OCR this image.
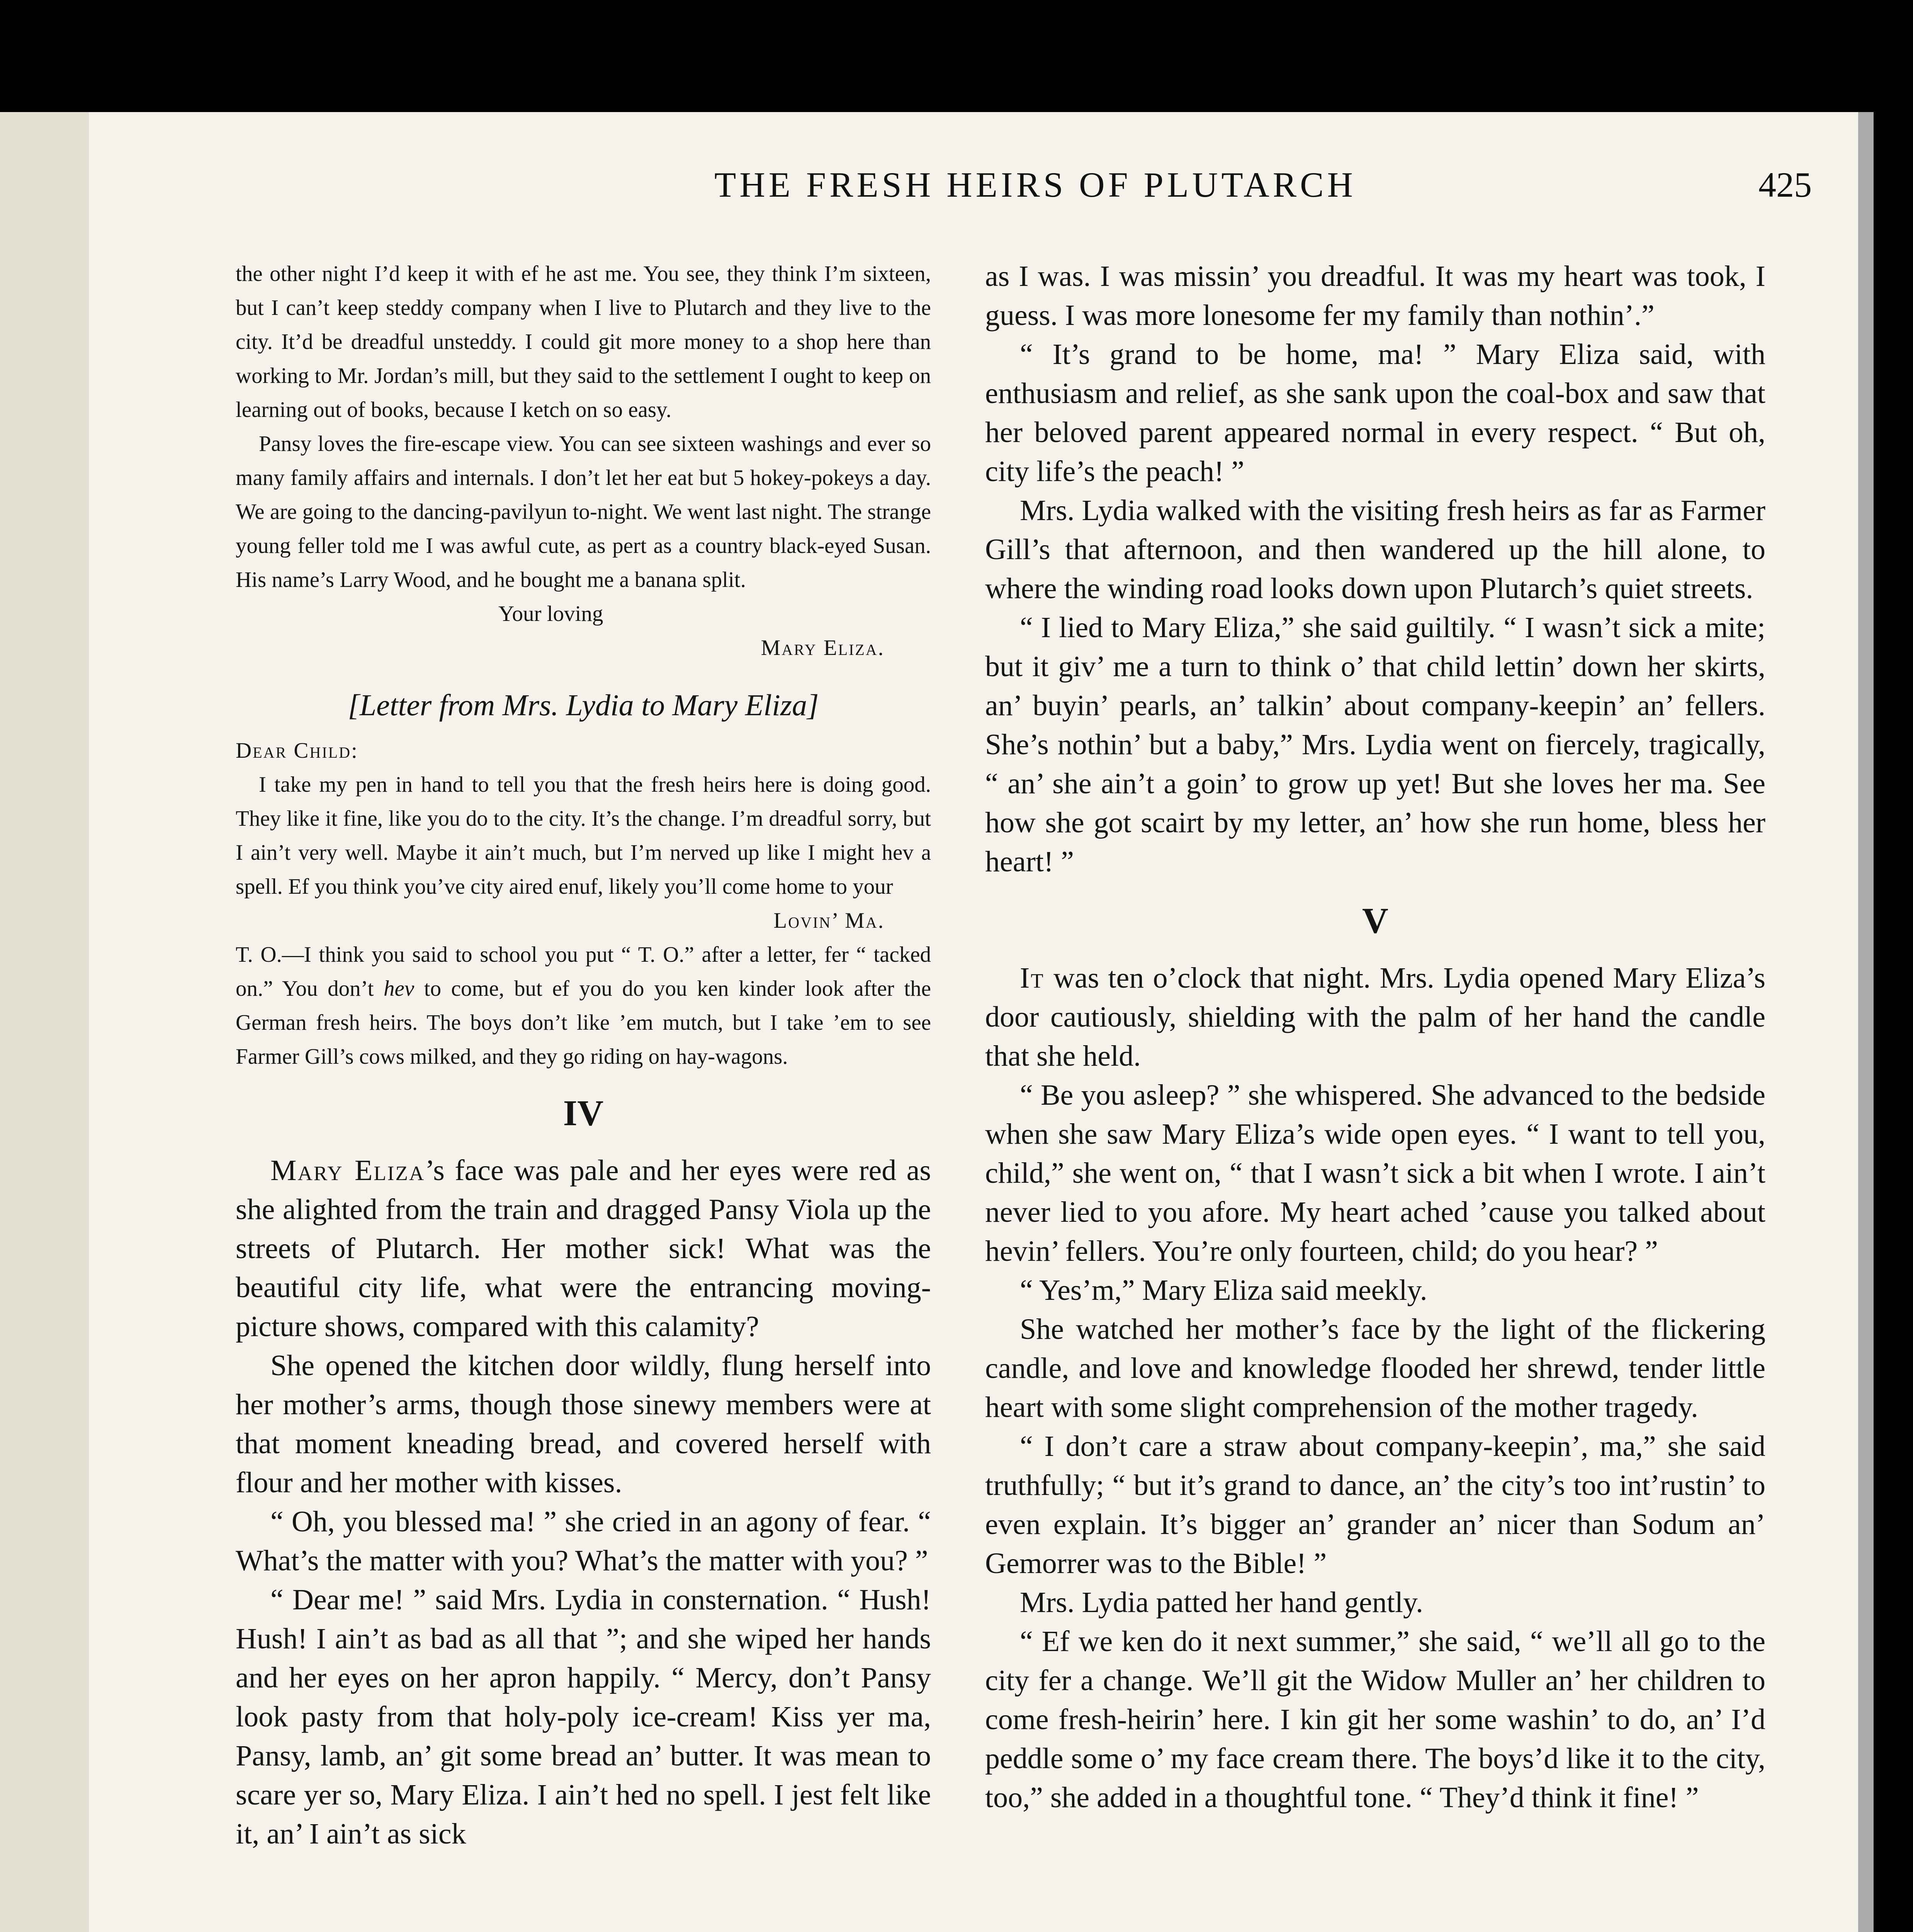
THE FRESH HEIRS OF PLUTARCH	425

the other night I’d keep it with ef he ast me. You see, they think I’m sixteen, but I can’t keep steddy company when I live to Plutarch and they live to the city. It’d be dreadful unsteddy. I could git more money to a shop here than working to Mr. Jordan’s mill, but they said to the settlement I ought to keep on learning out of books, because I ketch on so easy.

Pansy loves the fire-escape view. You can see sixteen washings and ever so many family affairs and internals. I don’t let her eat but 5 hokey-pokeys a day. We are going to the dancing-pavilyun to-night. We went last night. The strange young feller told me I was awful cute, as pert as a country black-eyed Susan. His name’s Larry Wood, and he bought me a banana split.

Your loving

Mary Eliza.

[Letter from Mrs. Lydia to Mary Eliza]

Dear Child:

I take my pen in hand to tell you that the fresh heirs here is doing good. They like it fine, like you do to the city. It’s the change. I’m dreadful sorry, but I ain’t very well. Maybe it ain’t much, but I’m nerved up like I might hev a spell. Ef you think you’ve city aired enuf, likely you’ll come home to your

Lovin’ Ma.

T. O.—I think you said to school you put “ T. O.” after a letter, fer “ tacked on.” You don’t hev to come, but ef you do you ken kinder look after the German fresh heirs. The boys don’t like ’em mutch, but I take ’em to see Farmer Gill’s cows milked, and they go riding on hay-wagons.

IV

Mary Eliza’s face was pale and her eyes were red as she alighted from the train and dragged Pansy Viola up the streets of Plutarch. Her mother sick! What was the beautiful city life, what were the entrancing moving-picture shows, compared with this calamity?

She opened the kitchen door wildly, flung herself into her mother’s arms, though those sinewy members were at that moment kneading bread, and covered herself with flour and her mother with kisses.

“ Oh, you blessed ma! ” she cried in an agony of fear. “ What’s the matter with you? What’s the matter with you? ”

“ Dear me! ” said Mrs. Lydia in consternation. “ Hush! Hush! I ain’t as bad as all that ”; and she wiped her hands and her eyes on her apron happily. “ Mercy, don’t Pansy look pasty from that holy-poly ice-cream! Kiss yer ma, Pansy, lamb, an’ git some bread an’ butter. It was mean to scare yer so, Mary Eliza. I ain’t hed no spell. I jest felt like it, an’ I ain’t as sick

as I was. I was missin’ you dreadful. It was my heart was took, I guess. I was more lonesome fer my family than nothin’.”

“ It’s grand to be home, ma! ” Mary Eliza said, with enthusiasm and relief, as she sank upon the coal-box and saw that her beloved parent appeared normal in every respect. “ But oh, city life’s the peach! ”

Mrs. Lydia walked with the visiting fresh heirs as far as Farmer Gill’s that afternoon, and then wandered up the hill alone, to where the winding road looks down upon Plutarch’s quiet streets.

“ I lied to Mary Eliza,” she said guiltily. “ I wasn’t sick a mite; but it giv’ me a turn to think o’ that child lettin’ down her skirts, an’ buyin’ pearls, an’ talkin’ about company-keepin’ an’ fellers. She’s nothin’ but a baby,” Mrs. Lydia went on fiercely, tragically, “ an’ she ain’t a goin’ to grow up yet! But she loves her ma. See how she got scairt by my letter, an’ how she run home, bless her heart! ”

V

It was ten o’clock that night. Mrs. Lydia opened Mary Eliza’s door cautiously, shielding with the palm of her hand the candle that she held.

“ Be you asleep? ” she whispered. She advanced to the bedside when she saw Mary Eliza’s wide open eyes. “ I want to tell you, child,” she went on, “ that I wasn’t sick a bit when I wrote. I ain’t never lied to you afore. My heart ached ’cause you talked about hevin’ fellers. You’re only fourteen, child; do you hear? ”

“ Yes’m,” Mary Eliza said meekly.

She watched her mother’s face by the light of the flickering candle, and love and knowledge flooded her shrewd, tender little heart with some slight comprehension of the mother tragedy.

“ I don’t care a straw about company-keepin’, ma,” she said truthfully; “ but it’s grand to dance, an’ the city’s too int’rustin’ to even explain. It’s bigger an’ grander an’ nicer than Sodum an’ Gemorrer was to the Bible! ”

Mrs. Lydia patted her hand gently.

“ Ef we ken do it next summer,” she said, “ we’ll all go to the city fer a change. We’ll git the Widow Muller an’ her children to come fresh-heirin’ here. I kin git her some washin’ to do, an’ I’d peddle some o’ my face cream there. The boys’d like it to the city, too,” she added in a thoughtful tone. “ They’d think it fine! ”
